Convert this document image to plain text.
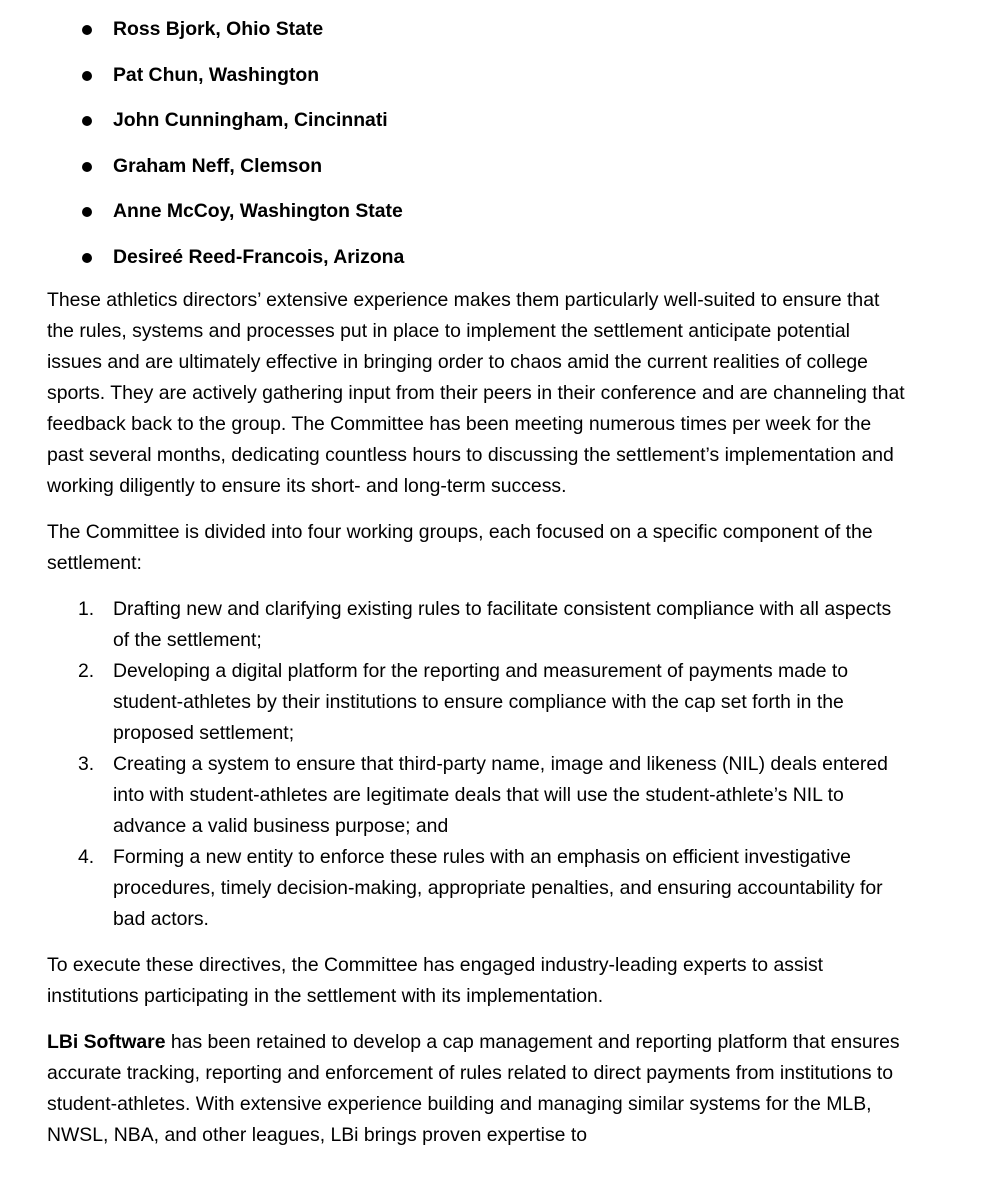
Ross Bjork, Ohio State
Pat Chun, Washington
John Cunningham, Cincinnati
Graham Neff, Clemson
Anne McCoy, Washington State
Desireé Reed-Francois, Arizona

These athletics directors’ extensive experience makes them particularly well-suited to ensure that the rules, systems and processes put in place to implement the settlement anticipate potential issues and are ultimately effective in bringing order to chaos amid the current realities of college sports. They are actively gathering input from their peers in their conference and are channeling that feedback back to the group. The Committee has been meeting numerous times per week for the past several months, dedicating countless hours to discussing the settlement’s implementation and working diligently to ensure its short- and long-term success.

The Committee is divided into four working groups, each focused on a specific component of the settlement:

1. Drafting new and clarifying existing rules to facilitate consistent compliance with all aspects of the settlement;
2. Developing a digital platform for the reporting and measurement of payments made to student-athletes by their institutions to ensure compliance with the cap set forth in the proposed settlement;
3. Creating a system to ensure that third-party name, image and likeness (NIL) deals entered into with student-athletes are legitimate deals that will use the student-athlete’s NIL to advance a valid business purpose; and
4. Forming a new entity to enforce these rules with an emphasis on efficient investigative procedures, timely decision-making, appropriate penalties, and ensuring accountability for bad actors.

To execute these directives, the Committee has engaged industry-leading experts to assist institutions participating in the settlement with its implementation.

LBi Software has been retained to develop a cap management and reporting platform that ensures accurate tracking, reporting and enforcement of rules related to direct payments from institutions to student-athletes. With extensive experience building and managing similar systems for the MLB, NWSL, NBA, and other leagues, LBi brings proven expertise to
